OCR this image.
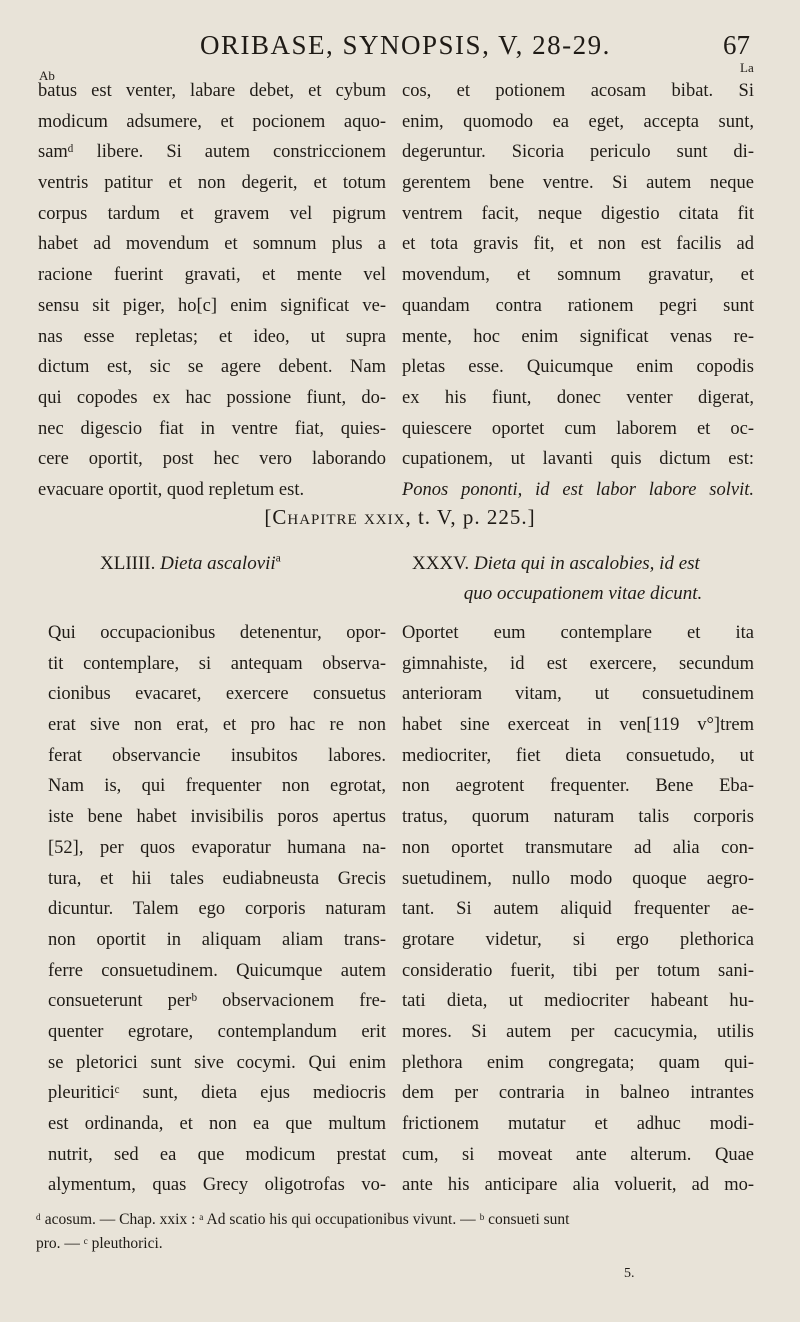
ORIBASE, SYNOPSIS, V, 28-29.	67
Ab
La
batus est venter, labare debet, et cybum
modicum adsumere, et pocionem aquo-
samᵈ libere. Si autem constriccionem
ventris patitur et non degerit, et totum
corpus tardum et gravem vel pigrum
habet ad movendum et somnum plus a
racione fuerint gravati, et mente vel
sensu sit piger, ho[c] enim significat ve-
nas esse repletas; et ideo, ut supra
dictum est, sic se agere debent. Nam
qui copodes ex hac possione fiunt, do-
nec digescio fiat in ventre fiat, quies-
cere oportit, post hec vero laborando
evacuare oportit, quod repletum est.
cos, et potionem acosam bibat. Si
enim, quomodo ea eget, accepta sunt,
degeruntur. Sicoria periculo sunt di-
gerentem bene ventre. Si autem neque
ventrem facit, neque digestio citata fit
et tota gravis fit, et non est facilis ad
movendum, et somnum gravatur, et
quandam contra rationem pegri sunt
mente, hoc enim significat venas re-
pletas esse. Quicumque enim copodis
ex his fiunt, donec venter digerat,
quiescere oportet cum laborem et oc-
cupationem, ut lavanti quis dictum est:
Ponos pononti, id est labor labore solvit.
[Chapitre xxix, t. V, p. 225.]
XLIIII. Dieta ascalovii$^a$	XXXV. Dieta qui in ascalobies, id est
quo occupationem vitae dicunt.
Qui occupacionibus detenentur, opor-
tit contemplare, si antequam observa-
cionibus evacaret, exercere consuetus
erat sive non erat, et pro hac re non
ferat observancie insubitos labores.
Nam is, qui frequenter non egrotat,
iste bene habet invisibilis poros apertus
[52], per quos evaporatur humana na-
tura, et hii tales eudiabneusta Grecis
dicuntur. Talem ego corporis naturam
non oportit in aliquam aliam trans-
ferre consuetudinem. Quicumque autem
consueterunt perᵇ observacionem fre-
quenter egrotare, contemplandum erit
se pletorici sunt sive cocymi. Qui enim
pleuriticiᶜ sunt, dieta ejus mediocris
est ordinanda, et non ea que multum
nutrit, sed ea que modicum prestat
alymentum, quas Grecy oligotrofas vo-
Oportet eum contemplare et ita
gimnahiste, id est exercere, secundum
anterioram vitam, ut consuetudinem
habet sine exerceat in ven[119 v°]trem
mediocriter, fiet dieta consuetudo, ut
non aegrotent frequenter. Bene Eba-
tratus, quorum naturam talis corporis
non oportet transmutare ad alia con-
suetudinem, nullo modo quoque aegro-
tant. Si autem aliquid frequenter ae-
grotare videtur, si ergo plethorica
consideratio fuerit, tibi per totum sani-
tati dieta, ut mediocriter habeant hu-
mores. Si autem per cacucymia, utilis
plethora enim congregata; quam qui-
dem per contraria in balneo intrantes
frictionem mutatur et adhuc modi-
cum, si moveat ante alterum. Quae
ante his anticipare alia voluerit, ad mo-
ᵈ acosum. — Chap. xxix : ᵃ Ad scatio his qui occupationibus vivunt. — ᵇ consueti sunt
pro. — ᶜ pleuthorici.
5.
